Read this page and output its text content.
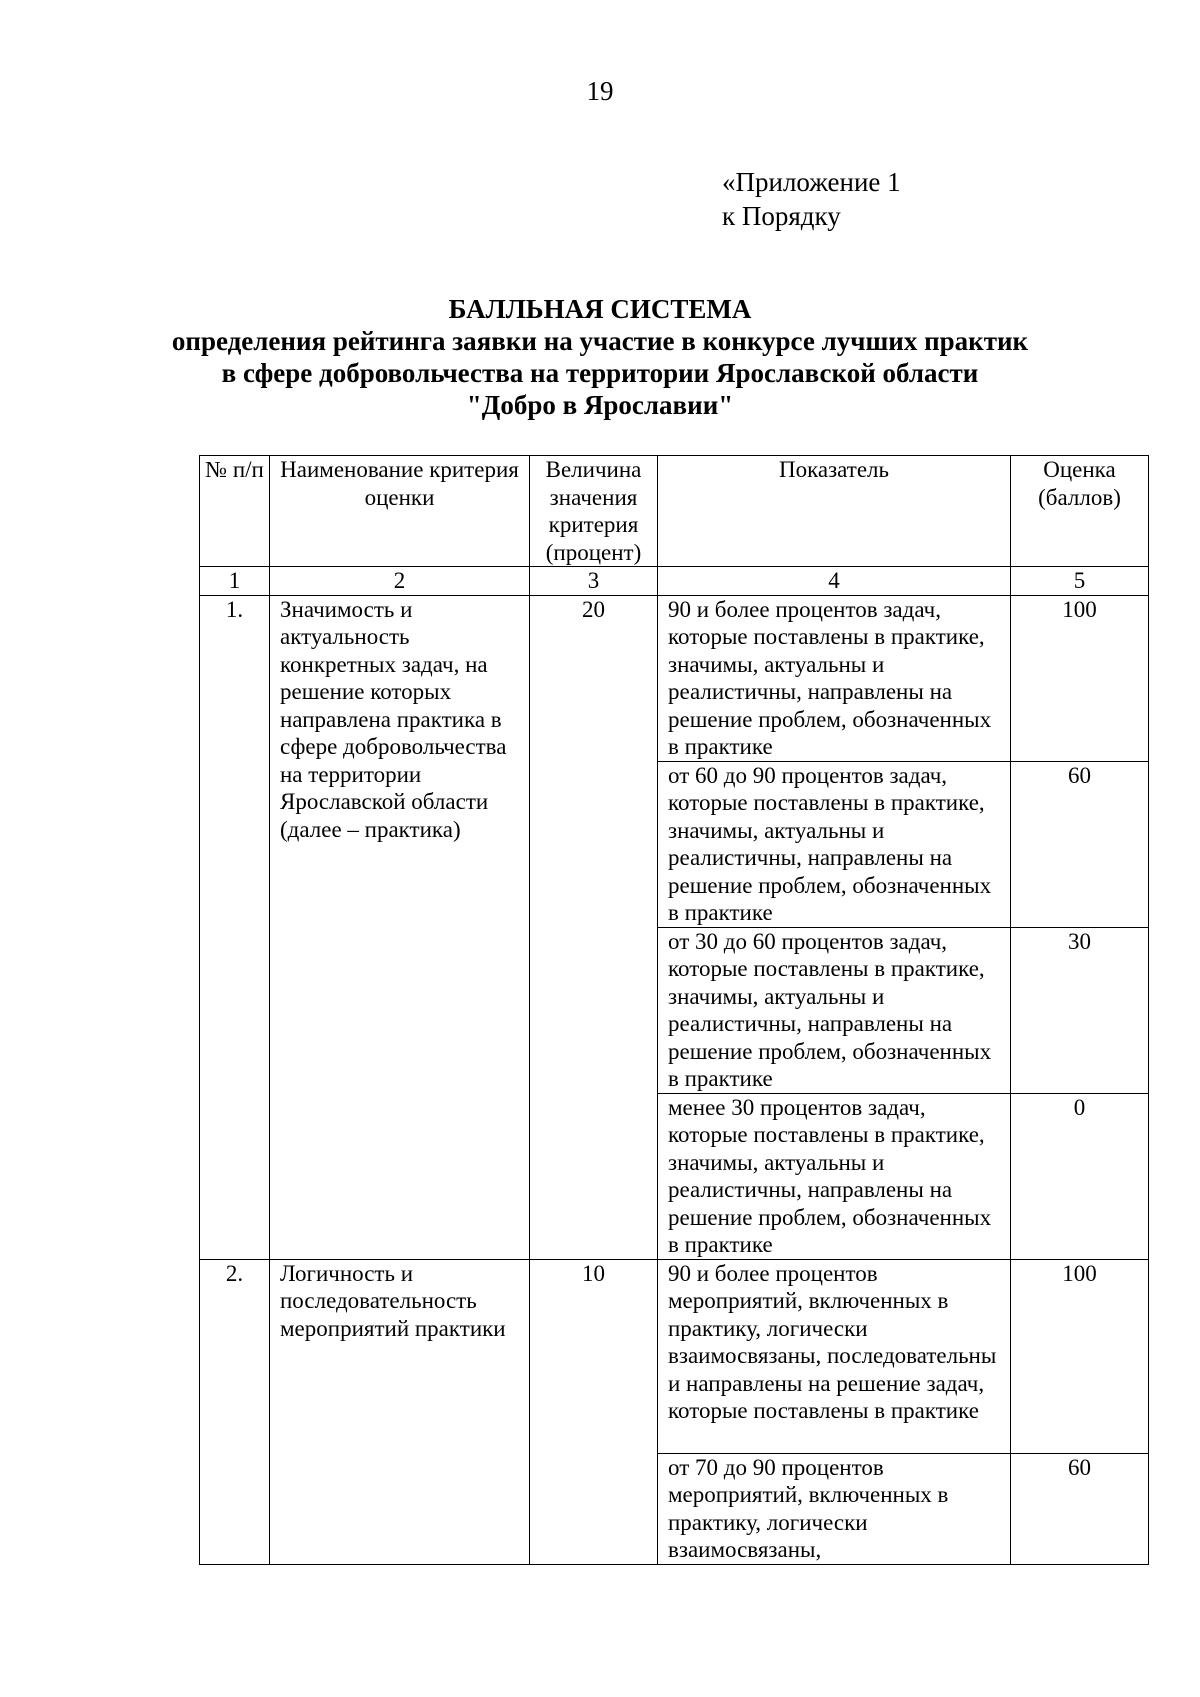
19
«Приложение 1
к Порядку
БАЛЛЬНАЯ СИСТЕМА
определения рейтинга заявки на участие в конкурсе лучших практик
в сфере добровольчества на территории Ярославской области
"Добро в Ярославии"
№ п/п	Наименование критерия оценки	Величина значения критерия (процент)	Показатель	Оценка (баллов)
1	2	3	4	5
1.	Значимость и актуальность конкретных задач, на решение которых направлена практика в сфере добровольчества на территории Ярославской области (далее – практика)	20	90 и более процентов задач, которые поставлены в практике, значимы, актуальны и реалистичны, направлены на решение проблем, обозначенных в практике	100
			от 60 до 90 процентов задач, которые поставлены в практике, значимы, актуальны и реалистичны, направлены на решение проблем, обозначенных в практике	60
			от 30 до 60 процентов задач, которые поставлены в практике, значимы, актуальны и реалистичны, направлены на решение проблем, обозначенных в практике	30
			менее 30 процентов задач, которые поставлены в практике, значимы, актуальны и реалистичны, направлены на решение проблем, обозначенных в практике	0
2.	Логичность и последовательность мероприятий практики	10	90 и более процентов мероприятий, включенных в практику, логически взаимосвязаны, последовательны и направлены на решение задач, которые поставлены в практике	100
			от 70 до 90 процентов мероприятий, включенных в практику, логически взаимосвязаны,	60
